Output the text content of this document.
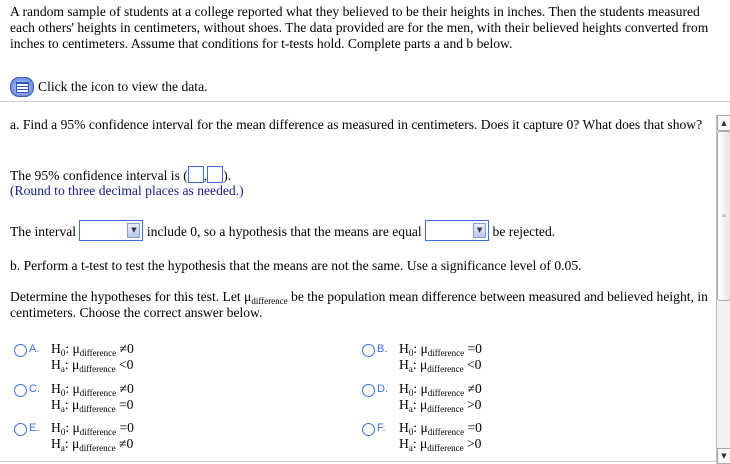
A random sample of students at a college reported what they believed to be their heights in inches. Then the students measured each others' heights in centimeters, without shoes. The data provided are for the men, with their believed heights converted from inches to centimeters. Assume that conditions for t-tests hold. Complete parts a and b below.
Click the icon to view the data.
a. Find a 95% confidence interval for the mean difference as measured in centimeters. Does it capture 0? What does that show?
The 95% confidence interval is ( , ).
(Round to three decimal places as needed.)
The interval	▼ include 0, so a hypothesis that the means are equal	▼ be rejected.
b. Perform a t-test to test the hypothesis that the means are not the same. Use a significance level of 0.05.
Determine the hypotheses for this test. Let $\mu_{difference}$ be the population mean difference between measured and believed height, in centimeters. Choose the correct answer below.
A. $H_0$: $\mu_{difference} \ne 0$
$H_a$: $\mu_{difference} <0$
B. $H_0$: $\mu_{difference} =0$
$H_a$: $\mu_{difference} <0$
C. $H_0$: $\mu_{difference} \ne 0$
$H_a$: $\mu_{difference} =0$
D. $H_0$: $\mu_{difference} \ne 0$
$H_a$: $\mu_{difference} >0$
E. $H_0$: $\mu_{difference} =0$
$H_a$: $\mu_{difference} \ne 0$
F. $H_0$: $\mu_{difference} =0$
$H_a$: $\mu_{difference} >0$
▲
≡
▼
